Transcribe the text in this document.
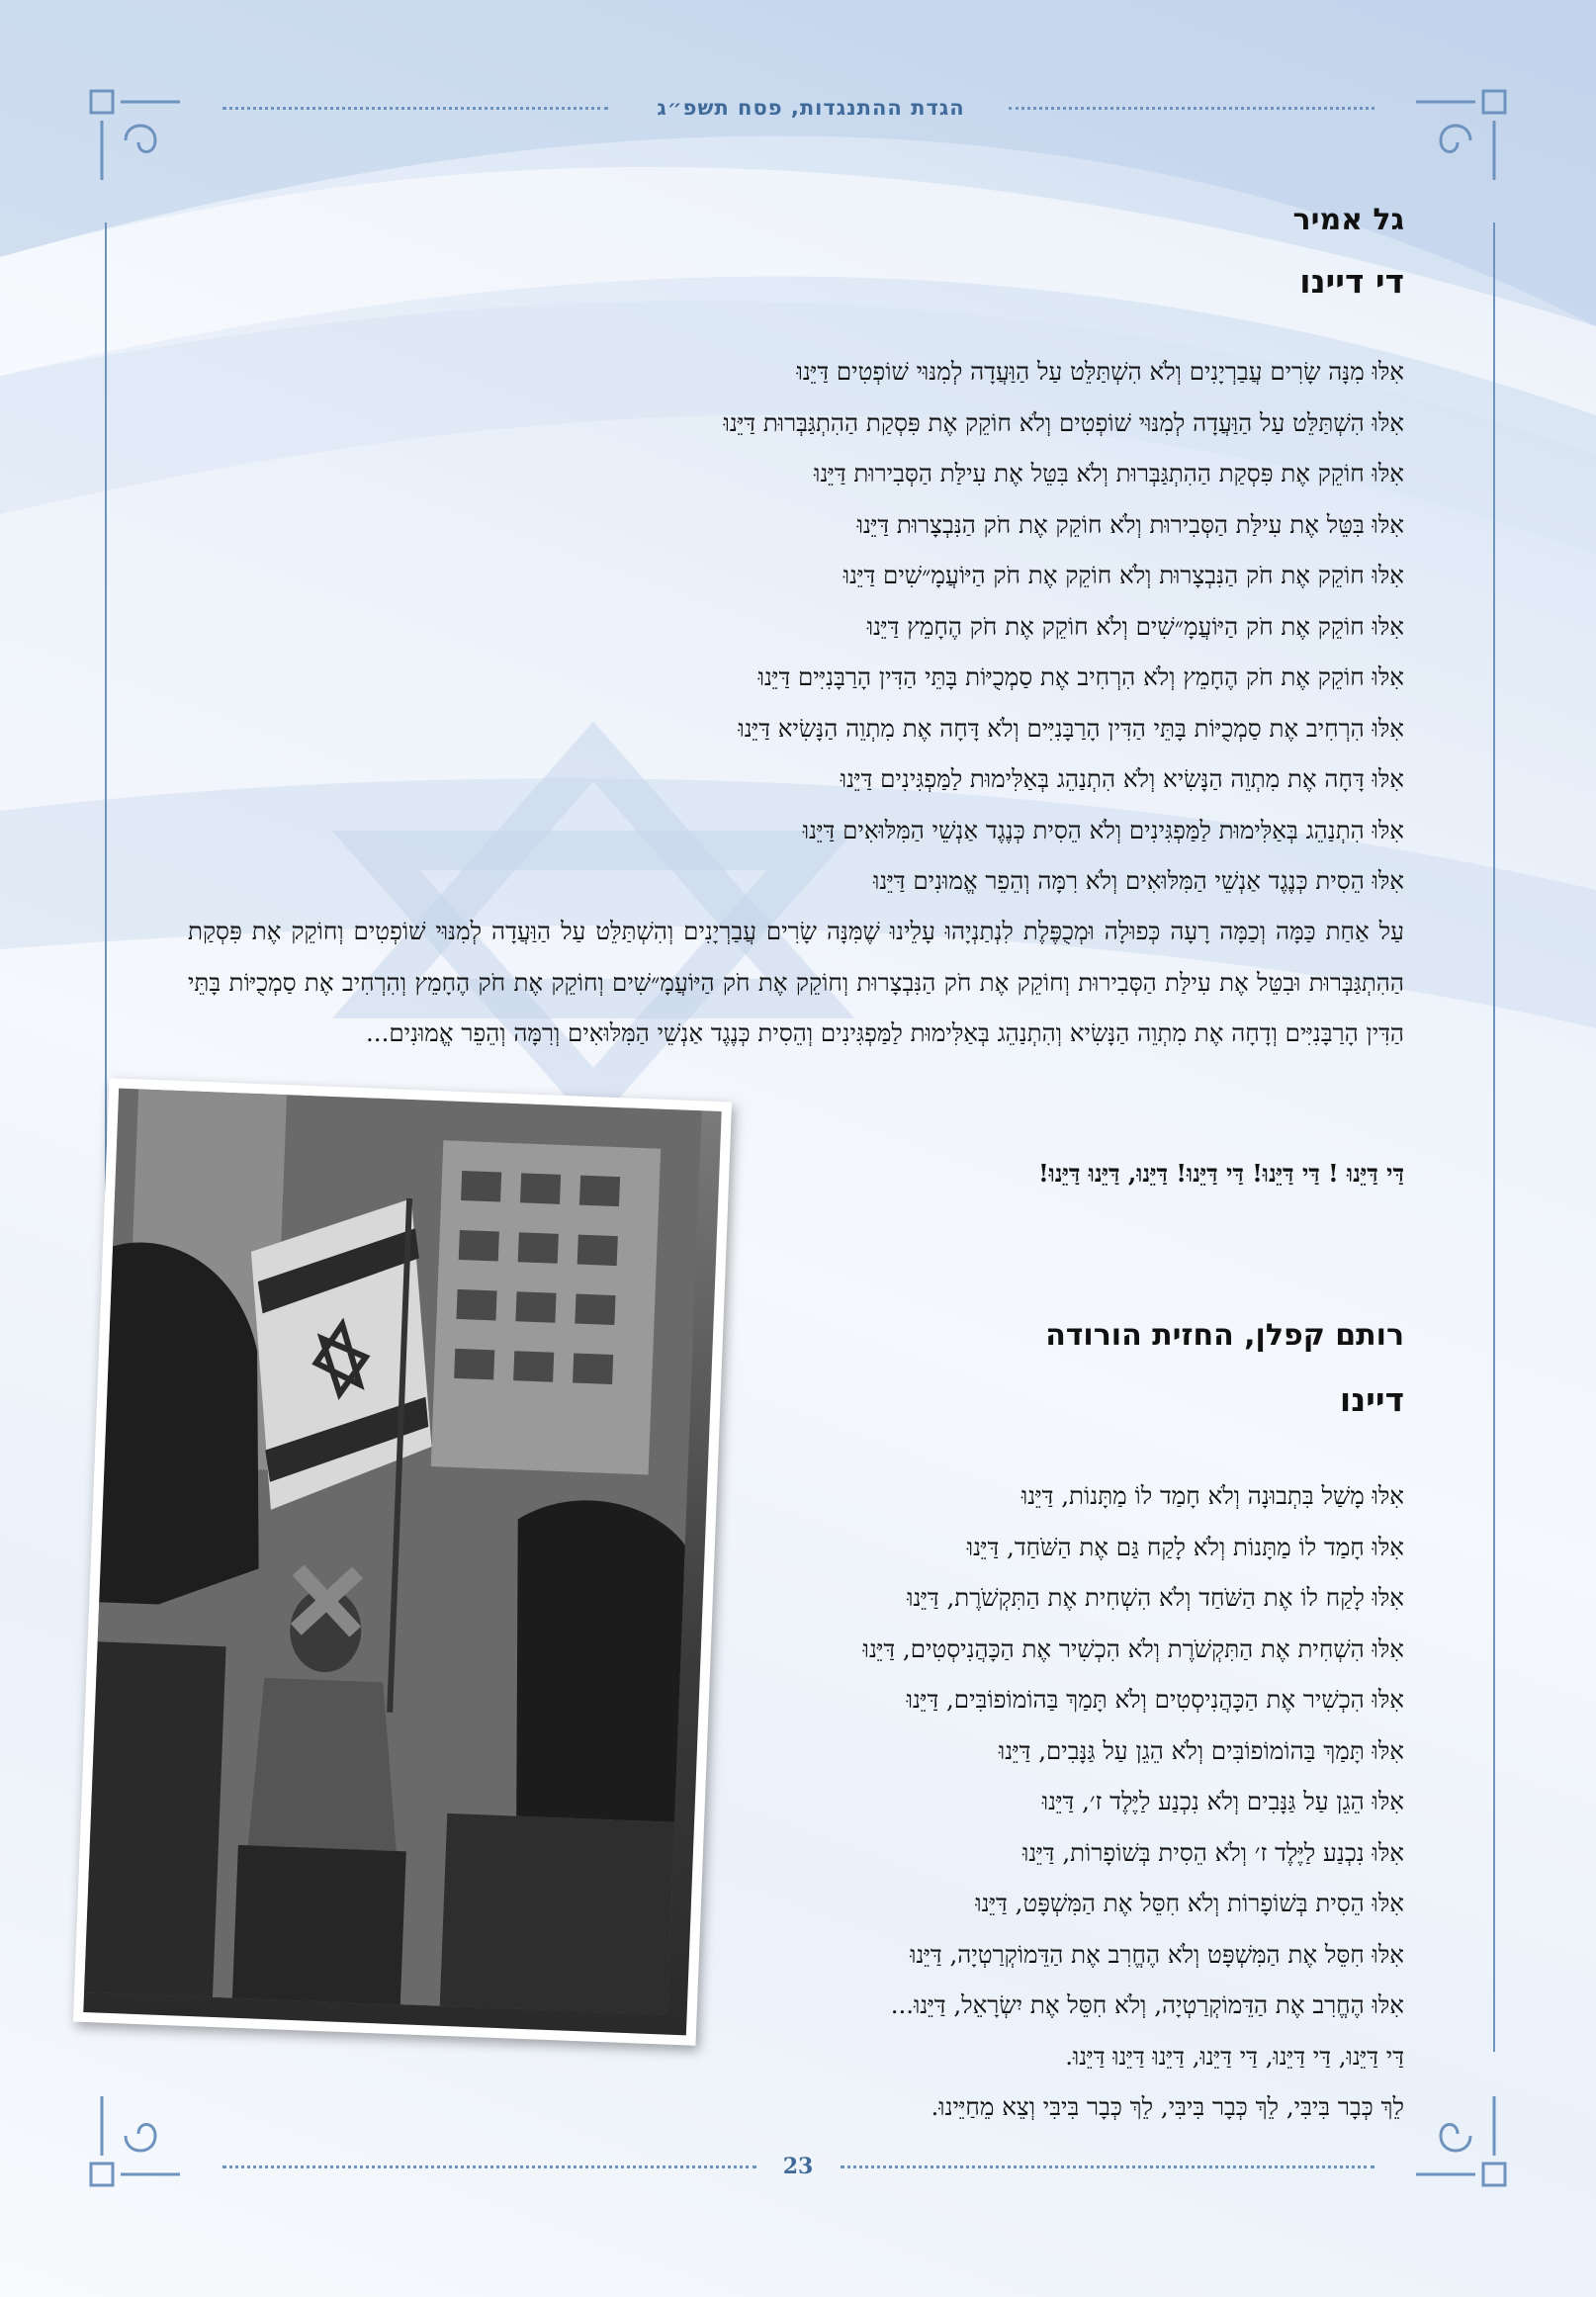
הגדת ההתנגדות, פסח תשפ״ג
גל אמיר
די דיינו
אִלּוּ מִנָּה שָׂרִים עֲבַרְיָנִים וְלֹא הִשְׁתַּלֵּט עַל הַוַּעֲדָה לְמִנּוּי שׁוֹפְטִים דַּיֵּנוּ
אִלּוּ הִשְׁתַּלֵּט עַל הַוַּעֲדָה לְמִנּוּי שׁוֹפְטִים וְלֹא חוֹקֵק אֶת פִּסְקַת הַהִתְגַּבְּרוּת דַּיֵּנוּ
אִלּוּ חוֹקֵק אֶת פִּסְקַת הַהִתְגַּבְּרוּת וְלֹא בִּטֵּל אֶת עִילַּת הַסְּבִירוּת דַּיֵּנוּ
אִלּוּ בִּטֵּל אֶת עִילַּת הַסְּבִירוּת וְלֹא חוֹקֵק אֶת חֹק הַנִּבְצָרוּת דַּיֵּנוּ
אִלּוּ חוֹקֵק אֶת חֹק הַנִּבְצָרוּת וְלֹא חוֹקֵק אֶת חֹק הַיּוֹעֲמָ״שִׁים דַּיֵּנוּ
אִלּוּ חוֹקֵק אֶת חֹק הַיּוֹעֲמָ״שִׁים וְלֹא חוֹקֵק אֶת חֹק הֶחָמֵץ דַּיֵּנוּ
אִלּוּ חוֹקֵק אֶת חֹק הֶחָמֵץ וְלֹא הִרְחִיב אֶת סַמְכֻיּוֹת בָּתֵּי הַדִּין הָרַבָּנִיִּים דַּיֵּנוּ
אִלּוּ הִרְחִיב אֶת סַמְכֻיּוֹת בָּתֵּי הַדִּין הָרַבָּנִיִּים וְלֹא דָּחָה אֶת מִתְוֵה הַנָּשִׂיא דַּיֵּנוּ
אִלּוּ דָּחָה אֶת מִתְוֵה הַנָּשִׂיא וְלֹא הִתְנַהֵג בְּאַלִּימוּת לַמַּפְגִּינִים דַּיֵּנוּ
אִלּוּ הִתְנַהֵג בְּאַלִּימוּת לַמַּפְגִּינִים וְלֹא הֵסִית כְּנֶגֶד אַנְשֵׁי הַמִּלּוּאִים דַּיֵּנוּ
אִלּוּ הֵסִית כְּנֶגֶד אַנְשֵׁי הַמִּלּוּאִים וְלֹא רִמָּה וְהֵפֵר אֱמוּנִים דַּיֵּנוּ
עַל אַחַת כַּמָּה וְכַמָּה רָעָה כְּפוּלָה וּמְכֻפֶּלֶת לִנְתַנְיָהוּ עָלֵינוּ שֶׁמִּנָּה שָׂרִים עֲבַרְיָנִים וְהִשְׁתַּלֵּט עַל הַוַּעֲדָה לְמִנּוּי שׁוֹפְטִים וְחוֹקֵק אֶת פִּסְקַת הַהִתְגַּבְּרוּת וּבִטֵּל אֶת עִילַּת הַסְּבִירוּת וְחוֹקֵק אֶת חֹק הַנִּבְצָרוּת וְחוֹקֵק אֶת חֹק הַיּוֹעֲמָ״שִׁים וְחוֹקֵק אֶת חֹק הֶחָמֵץ וְהִרְחִיב אֶת סַמְכֻיּוֹת בָּתֵּי הַדִּין הָרַבָּנִיִּים וְדָחָה אֶת מִתְוֵה הַנָּשִׂיא וְהִתְנַהֵג בְּאַלִּימוּת לַמַּפְגִּינִים וְהֵסִית כְּנֶגֶד אַנְשֵׁי הַמִּלּוּאִים וְרִמָּה וְהֵפֵר אֱמוּנִים...
דַּי דַּיֵּנוּ ! דַּי דַּיֵּנוּ! דַּי דַּיֵּנוּ! דַּיֵּנוּ, דַּיֵּנוּ דַּיֵּנוּ!
רותם קפלן, החזית הורודה
דיינו
אִלּוּ מָשַׁל בִּתְבוּנָה וְלֹא חָמַד לוֹ מַתָּנוֹת, דַּיֵּנוּ
אִלּוּ חָמַד לוֹ מַתָּנוֹת וְלֹא לָקַח גַּם אֶת הַשֹּׁחַד, דַּיֵּנוּ
אִלּוּ לָקַח לוֹ אֶת הַשֹּׁחַד וְלֹא הִשְׁחִית אֶת הַתִּקְשֹׁרֶת, דַּיֵּנוּ
אִלּוּ הִשְׁחִית אֶת הַתִּקְשֹׁרֶת וְלֹא הִכְשִׁיר אֶת הַכָּהֲנִיסְטִים, דַּיֵּנוּ
אִלּוּ הִכְשִׁיר אֶת הַכָּהֲנִיסְטִים וְלֹא תָּמַךְ בַּהוֹמוֹפוֹבִּים, דַּיֵּנוּ
אִלּוּ תָּמַךְ בַּהוֹמוֹפוֹבִּים וְלֹא הֵגֵן עַל גַּנָּבִים, דַּיֵּנוּ
אִלּוּ הֵגֵן עַל גַּנָּבִים וְלֹא נִכְנַע לַיֶּלֶד ז׳, דַּיֵּנוּ
אִלּוּ נִכְנַע לַיֶּלֶד ז׳ וְלֹא הֵסִית בְּשׁוֹפָרוֹת, דַּיֵּנוּ
אִלּוּ הֵסִית בְּשׁוֹפָרוֹת וְלֹא חִסֵּל אֶת הַמִּשְׁפָּט, דַּיֵּנוּ
אִלּוּ חִסֵּל אֶת הַמִּשְׁפָּט וְלֹא הֶחֱרִב אֶת הַדֵּמוֹקְרַטְיָה, דַּיֵּנוּ
אִלּוּ הֶחֱרִב אֶת הַדֵּמוֹקְרַטְיָה, וְלֹא חִסֵּל אֶת יִשְׂרָאֵל, דַּיֵּנוּ...
דַּי דַּיֵּנוּ, דַּי דַּיֵּנוּ, דַּי דַּיֵּנוּ, דַּיֵּנוּ דַּיֵּנוּ דַּיֵּנוּ.
לֵךְ כְּבָר בִּיבִּי, לֵךְ כְּבָר בִּיבִּי, לֵךְ כְּבָר בִּיבִּי וְצֵא מֵחַיֵּינוּ.
23
